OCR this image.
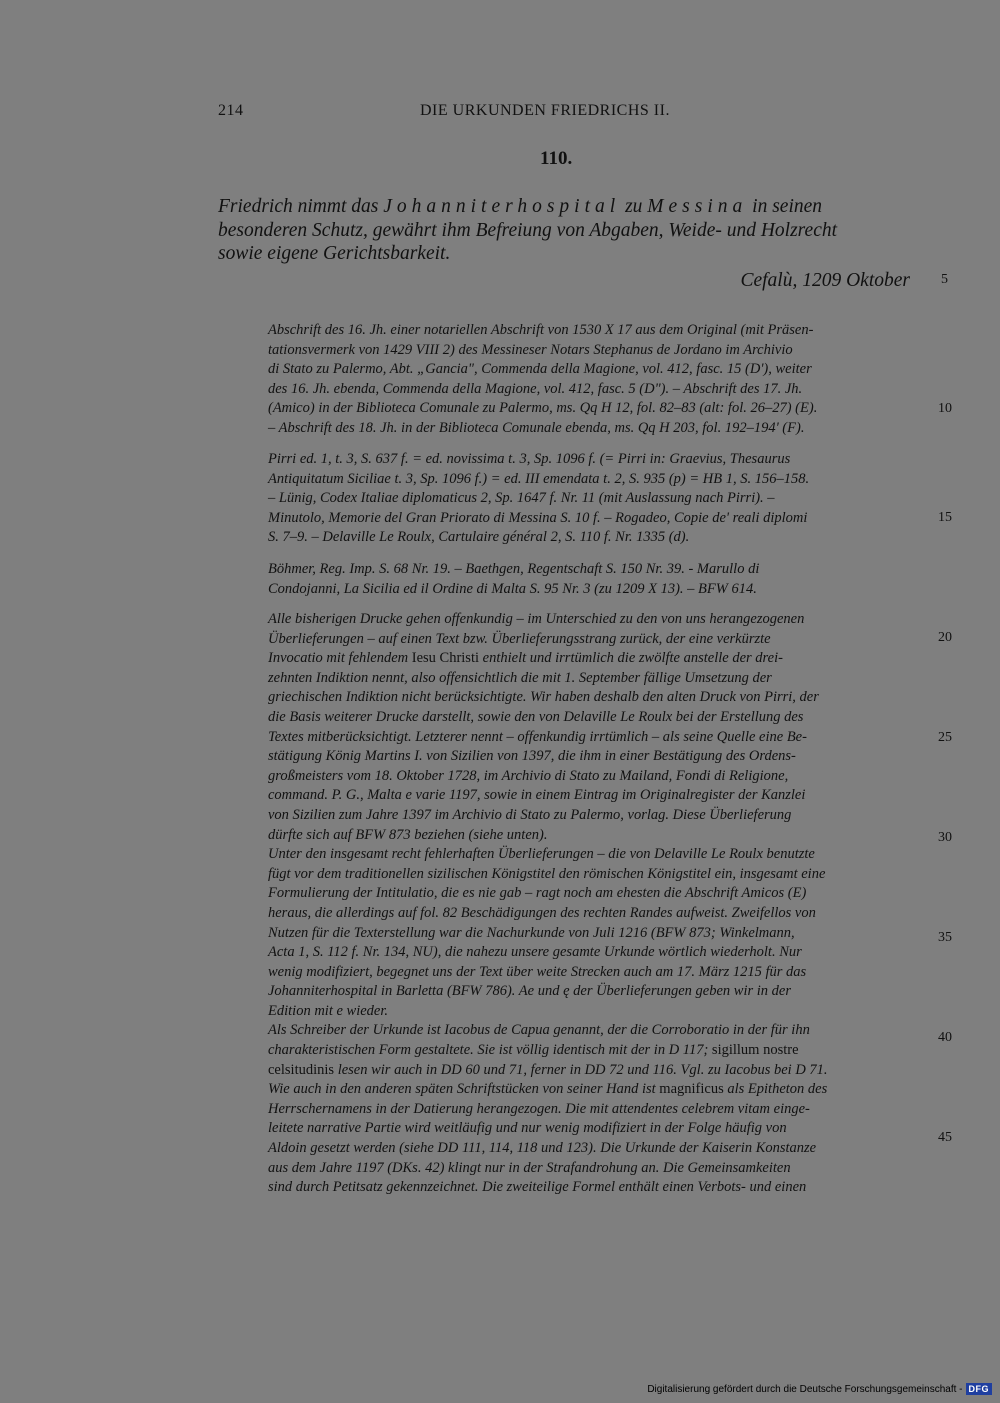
214	DIE URKUNDEN FRIEDRICHS II.
110.
Friedrich nimmt das Johanniterhospital zu Messina in seinen
besonderen Schutz, gewährt ihm Befreiung von Abgaben, Weide- und Holzrecht
sowie eigene Gerichtsbarkeit.
Cefalù, 1209 Oktober 5
10
15
20
25
30
35
40
45
Abschrift des 16. Jh. einer notariellen Abschrift von 1530 X 17 aus dem Original (mit Präsen-
tationsvermerk von 1429 VIII 2) des Messineser Notars Stephanus de Jordano im Archivio
di Stato zu Palermo, Abt. „Gancia", Commenda della Magione, vol. 412, fasc. 15 (D'), weiter
des 16. Jh. ebenda, Commenda della Magione, vol. 412, fasc. 5 (D"). – Abschrift des 17. Jh.
(Amico) in der Biblioteca Comunale zu Palermo, ms. Qq H 12, fol. 82–83 (alt: fol. 26–27) (E).
– Abschrift des 18. Jh. in der Biblioteca Comunale ebenda, ms. Qq H 203, fol. 192–194' (F).
Pirri ed. 1, t. 3, S. 637 f. = ed. novissima t. 3, Sp. 1096 f. (= Pirri in: Graevius, Thesaurus
Antiquitatum Siciliae t. 3, Sp. 1096 f.) = ed. III emendata t. 2, S. 935 (p) = HB 1, S. 156–158.
– Lünig, Codex Italiae diplomaticus 2, Sp. 1647 f. Nr. 11 (mit Auslassung nach Pirri). –
Minutolo, Memorie del Gran Priorato di Messina S. 10 f. – Rogadeo, Copie de' reali diplomi
S. 7–9. – Delaville Le Roulx, Cartulaire général 2, S. 110 f. Nr. 1335 (d).
Böhmer, Reg. Imp. S. 68 Nr. 19. – Baethgen, Regentschaft S. 150 Nr. 39. - Marullo di
Condojanni, La Sicilia ed il Ordine di Malta S. 95 Nr. 3 (zu 1209 X 13). – BFW 614.
Alle bisherigen Drucke gehen offenkundig – im Unterschied zu den von uns herangezogenen
Überlieferungen – auf einen Text bzw. Überlieferungsstrang zurück, der eine verkürzte
Invocatio mit fehlendem Iesu Christi enthielt und irrtümlich die zwölfte anstelle der drei-
zehnten Indiktion nennt, also offensichtlich die mit 1. September fällige Umsetzung der
griechischen Indiktion nicht berücksichtigte. Wir haben deshalb den alten Druck von Pirri, der
die Basis weiterer Drucke darstellt, sowie den von Delaville Le Roulx bei der Erstellung des
Textes mitberücksichtigt. Letzterer nennt – offenkundig irrtümlich – als seine Quelle eine Be-
stätigung König Martins I. von Sizilien von 1397, die ihm in einer Bestätigung des Ordens-
großmeisters vom 18. Oktober 1728, im Archivio di Stato zu Mailand, Fondi di Religione,
command. P. G., Malta e varie 1197, sowie in einem Eintrag im Originalregister der Kanzlei
von Sizilien zum Jahre 1397 im Archivio di Stato zu Palermo, vorlag. Diese Überlieferung
dürfte sich auf BFW 873 beziehen (siehe unten).
Unter den insgesamt recht fehlerhaften Überlieferungen – die von Delaville Le Roulx benutzte
fügt vor dem traditionellen sizilischen Königstitel den römischen Königstitel ein, insgesamt eine
Formulierung der Intitulatio, die es nie gab – ragt noch am ehesten die Abschrift Amicos (E)
heraus, die allerdings auf fol. 82 Beschädigungen des rechten Randes aufweist. Zweifellos von
Nutzen für die Texterstellung war die Nachurkunde von Juli 1216 (BFW 873; Winkelmann,
Acta 1, S. 112 f. Nr. 134, NU), die nahezu unsere gesamte Urkunde wörtlich wiederholt. Nur
wenig modifiziert, begegnet uns der Text über weite Strecken auch am 17. März 1215 für das
Johanniterhospital in Barletta (BFW 786). Ae und ę der Überlieferungen geben wir in der
Edition mit e wieder.
Als Schreiber der Urkunde ist Iacobus de Capua genannt, der die Corroboratio in der für ihn
charakteristischen Form gestaltete. Sie ist völlig identisch mit der in D 117; sigillum nostre
celsitudinis lesen wir auch in DD 60 und 71, ferner in DD 72 und 116. Vgl. zu Iacobus bei D 71.
Wie auch in den anderen späten Schriftstücken von seiner Hand ist magnificus als Epitheton des
Herrschernamens in der Datierung herangezogen. Die mit attendentes celebrem vitam einge-
leitete narrative Partie wird weitläufig und nur wenig modifiziert in der Folge häufig von
Aldoin gesetzt werden (siehe DD 111, 114, 118 und 123). Die Urkunde der Kaiserin Konstanze
aus dem Jahre 1197 (DKs. 42) klingt nur in der Strafandrohung an. Die Gemeinsamkeiten
sind durch Petitsatz gekennzeichnet. Die zweiteilige Formel enthält einen Verbots- und einen
Digitalisierung gefördert durch die Deutsche Forschungsgemeinschaft - DFG
